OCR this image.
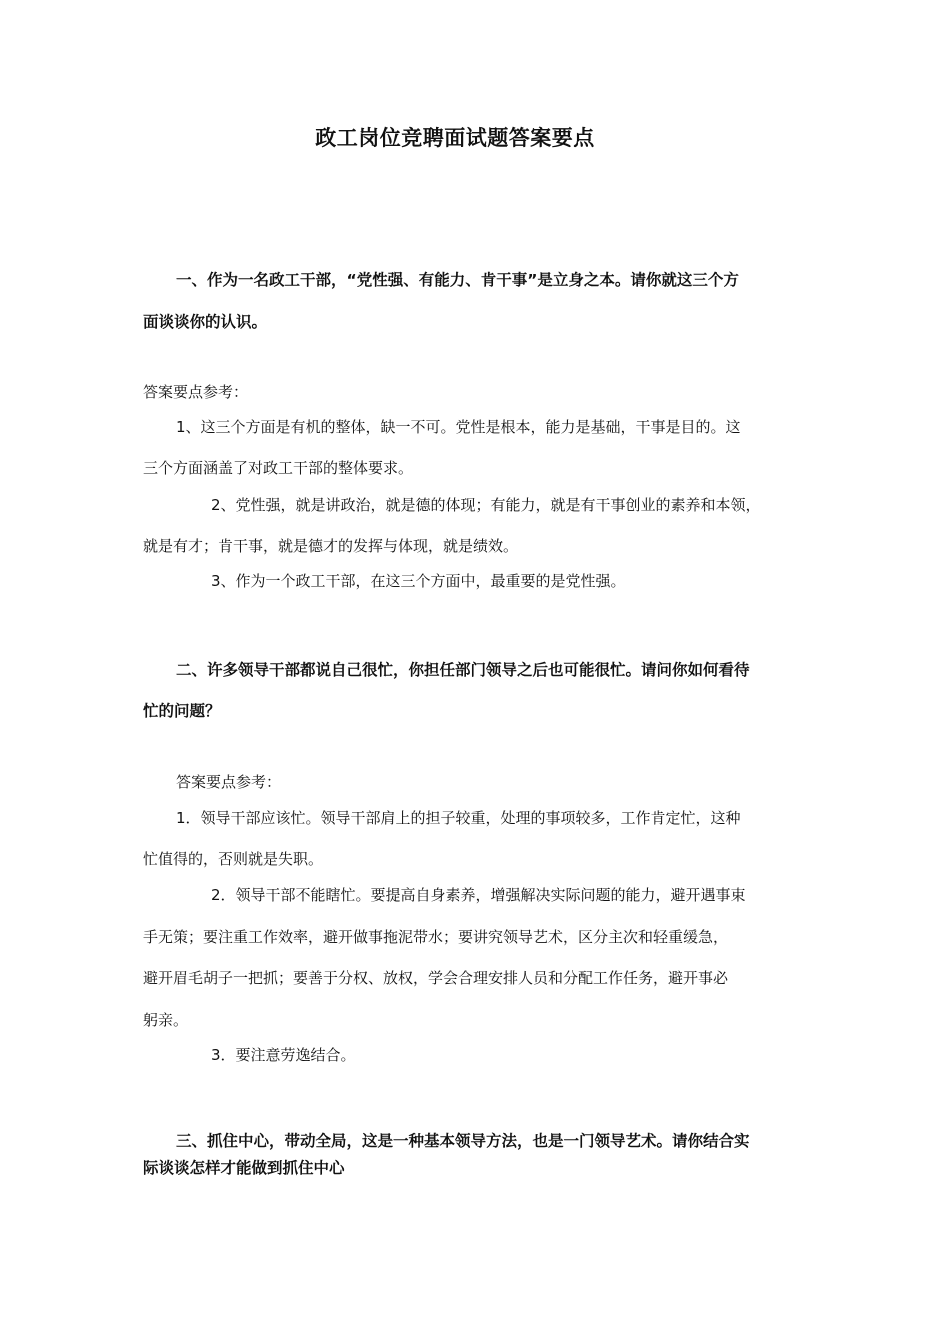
政工岗位竞聘面试题答案要点

一、作为一名政工干部，“党性强、有能力、肯干事”是立身之本。请你就这三个方

面谈谈你的认识。

答案要点参考：

1、这三个方面是有机的整体，缺一不可。党性是根本，能力是基础，干事是目的。这

三个方面涵盖了对政工干部的整体要求。

2、党性强，就是讲政治，就是德的体现；有能力，就是有干事创业的素养和本领，

就是有才；肯干事，就是德才的发挥与体现，就是绩效。

3、作为一个政工干部，在这三个方面中，最重要的是党性强。

二、许多领导干部都说自己很忙，你担任部门领导之后也可能很忙。请问你如何看待

忙的问题？

答案要点参考：

1．领导干部应该忙。领导干部肩上的担子较重，处理的事项较多，工作肯定忙，这种

忙值得的，否则就是失职。

2．领导干部不能瞎忙。要提高自身素养，增强解决实际问题的能力，避开遇事束

手无策；要注重工作效率，避开做事拖泥带水；要讲究领导艺术，区分主次和轻重缓急，

避开眉毛胡子一把抓；要善于分权、放权，学会合理安排人员和分配工作任务，避开事必

躬亲。

3．要注意劳逸结合。

三、抓住中心，带动全局，这是一种基本领导方法，也是一门领导艺术。请你结合实

际谈谈怎样才能做到抓住中心
